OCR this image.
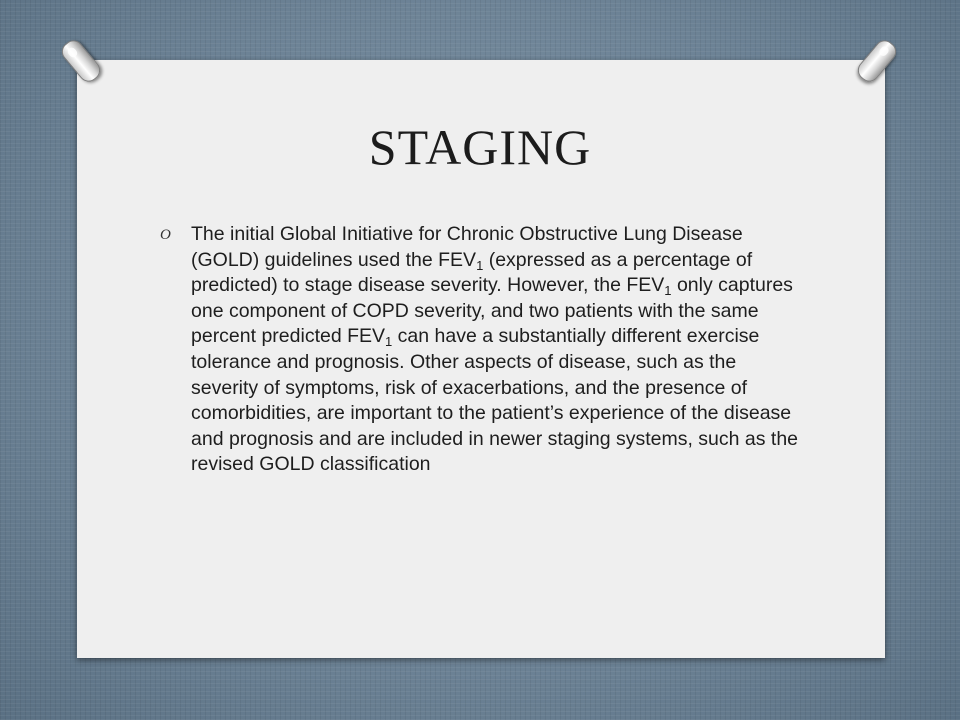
STAGING
O The initial Global Initiative for Chronic Obstructive Lung Disease (GOLD) guidelines used the $FEV_1$ (expressed as a percentage of predicted) to stage disease severity. However, the $FEV_1$ only captures one component of COPD severity, and two patients with the same percent predicted $FEV_1$ can have a substantially different exercise tolerance and prognosis. Other aspects of disease, such as the severity of symptoms, risk of exacerbations, and the presence of comorbidities, are important to the patient’s experience of the disease and prognosis and are included in newer staging systems, such as the revised GOLD classification
